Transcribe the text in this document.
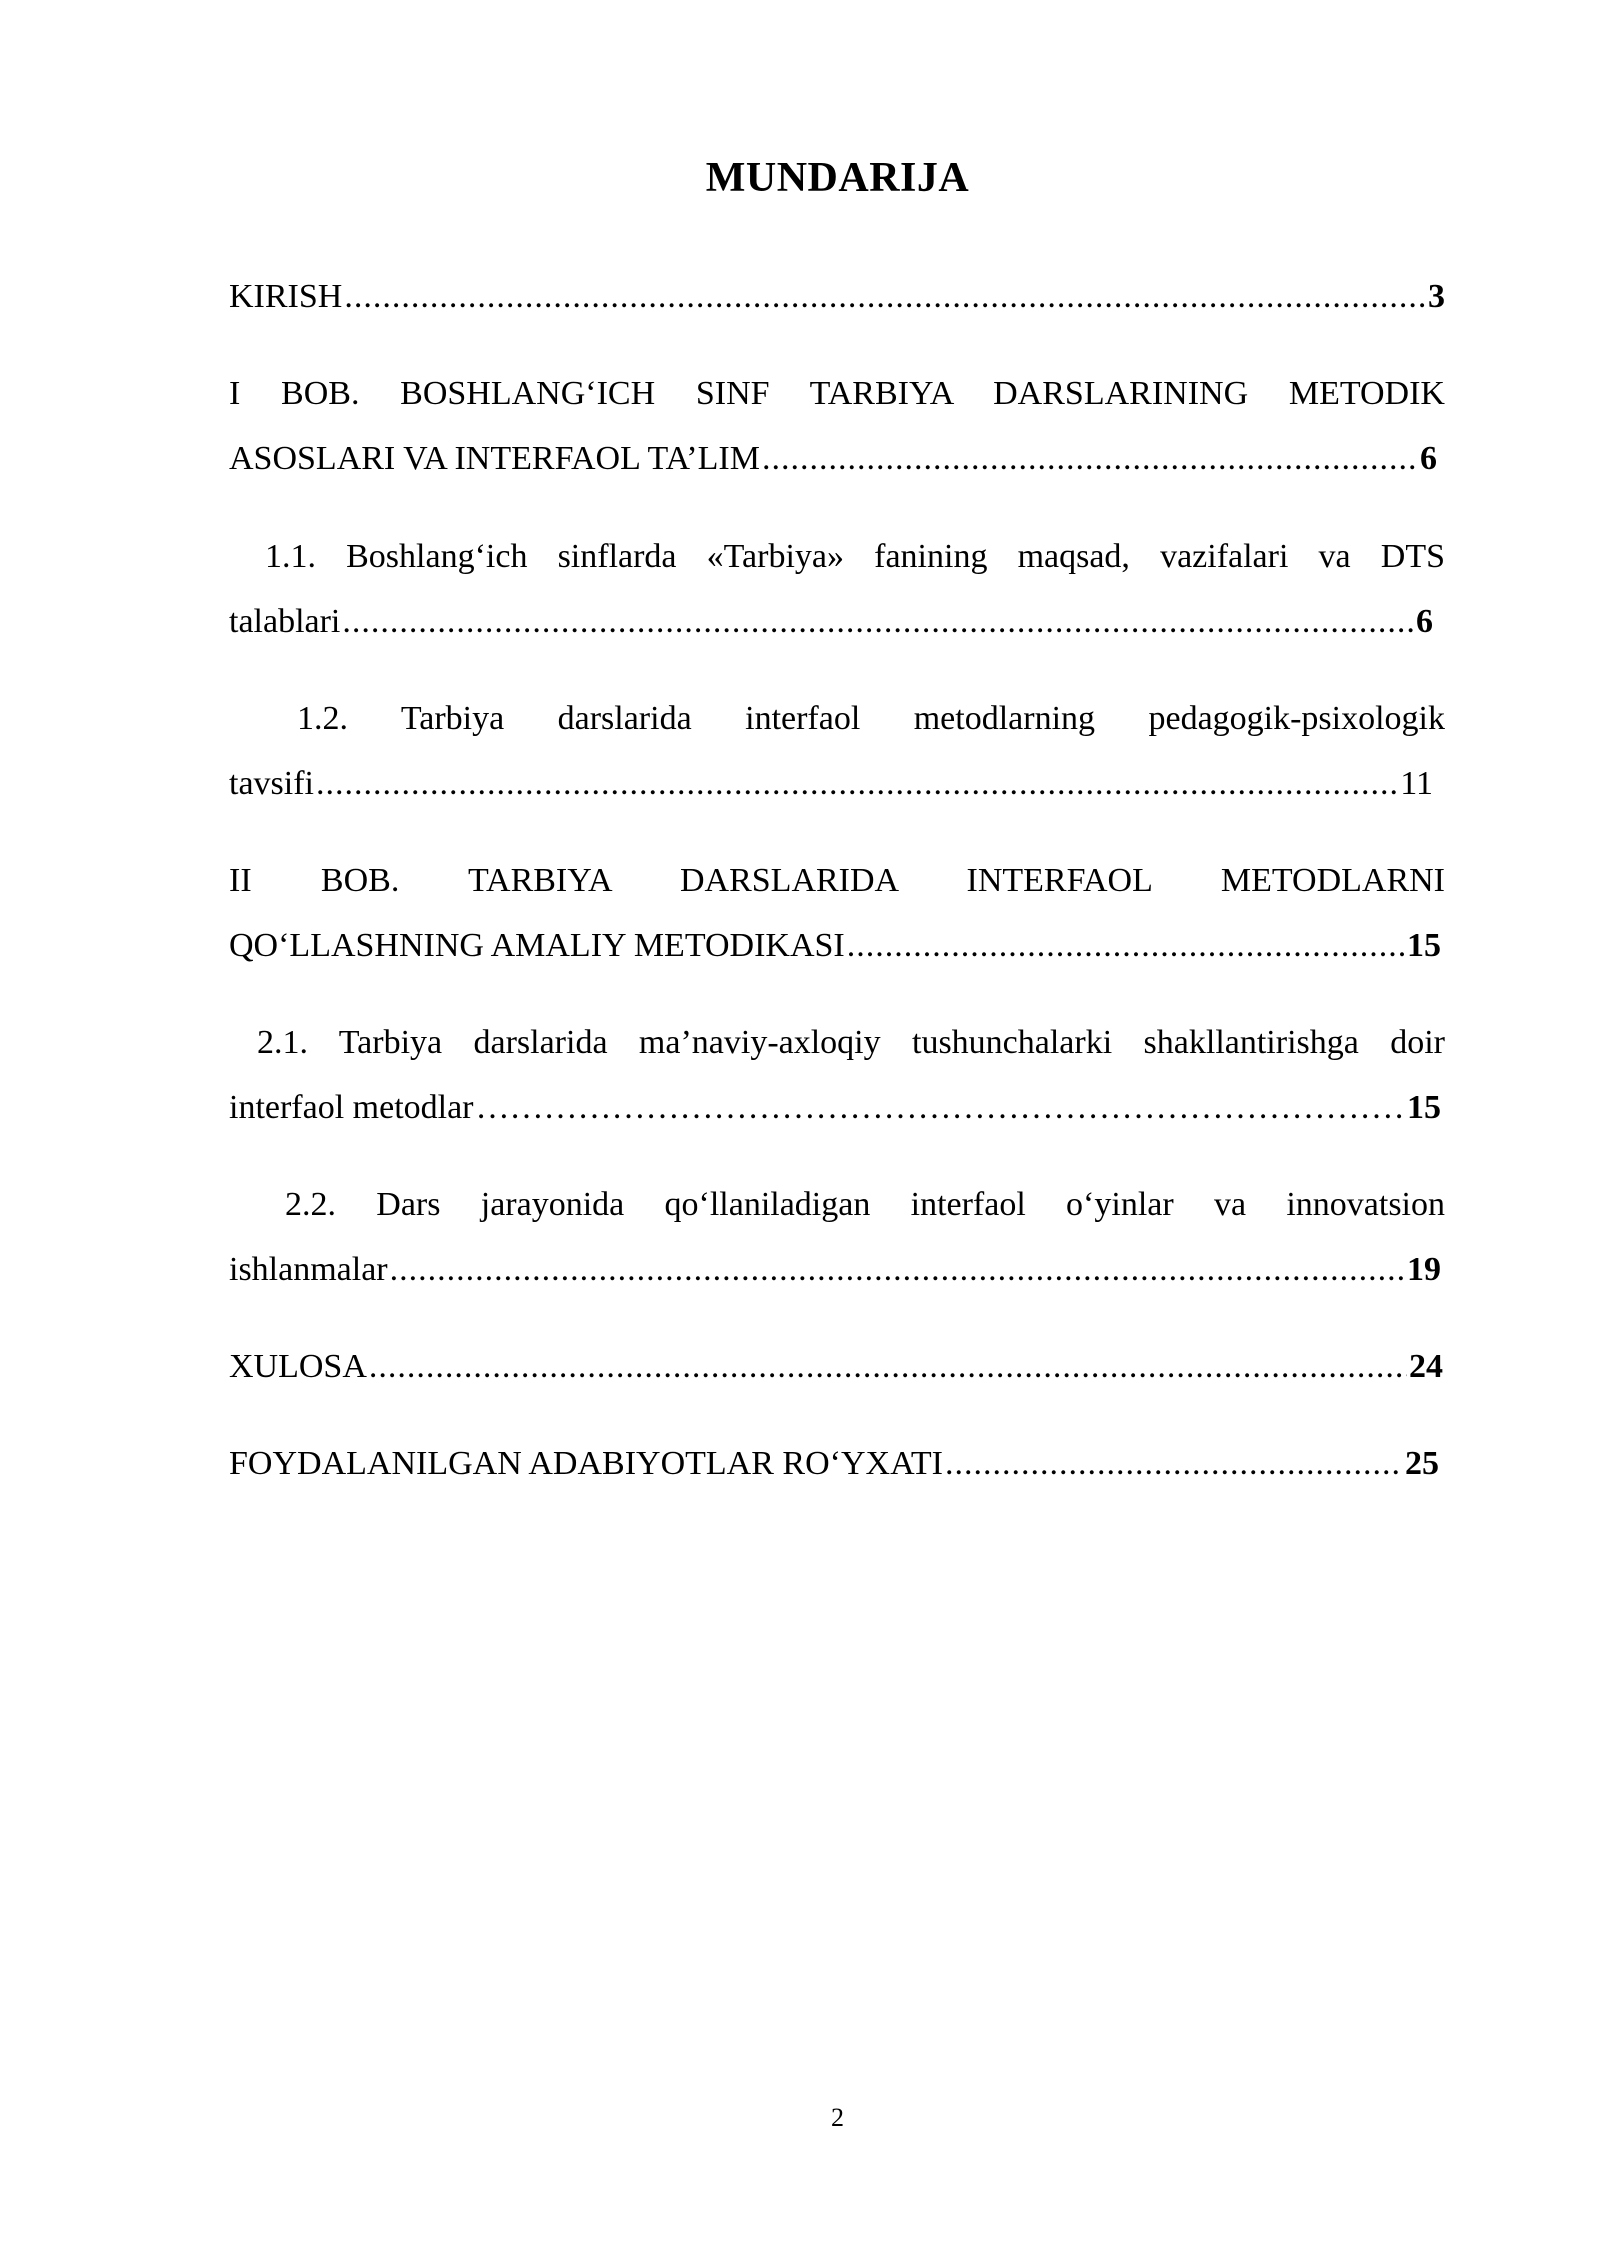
MUNDARIJA
KIRISH .....	3
I BOB. BOSHLANG‘ICH SINF TARBIYA DARSLARINING METODIK
ASOSLARI VA INTERFAOL TA’LIM .....	6
1.1. Boshlang‘ich sinflarda «Tarbiya» fanining maqsad, vazifalari va DTS
talablari .....	6
1.2. Tarbiya darslarida interfaol metodlarning pedagogik-psixologik
tavsifi .....	11
II BOB. TARBIYA DARSLARIDA INTERFAOL METODLARNI
QO‘LLASHNING AMALIY METODIKASI .....	15
2.1. Tarbiya darslarida ma’naviy-axloqiy tushunchalarki shakllantirishga doir
interfaol metodlar ………………………………………………………………………………………………………………………………………………………………………………………………………………………………………………………………	15
2.2. Dars jarayonida qo‘llaniladigan interfaol o‘yinlar va innovatsion
ishlanmalar .....	19
XULOSA .....	24
FOYDALANILGAN ADABIYOTLAR RO‘YXATI .....	25
2
